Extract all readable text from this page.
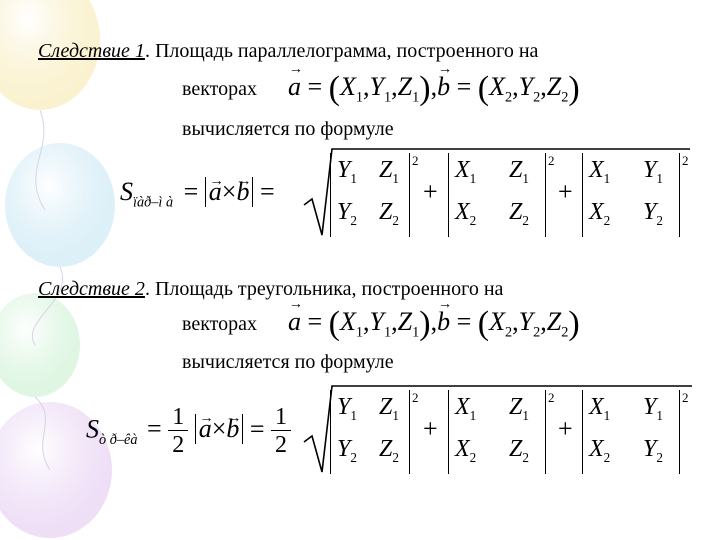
Следствие 1. Площадь параллелограмма, построенного на
векторах
→ $a = (X_1,Y_1,Z_1),\to b = (X_2,Y_2,Z_2)$
вычисляется по формуле
$S_{ïàð-ì à}$ = → a×→ b =
$Y_1$ $Z_1$
$Y_2$ $Z_2$
2
+
$X_1$ $Z_1$
$X_2$ $Z_2$
2
+
$X_1$ $Y_1$
$X_2$ $Y_2$
2
Следствие 2. Площадь треугольника, построенного на
векторах
→ $a = (X_1,Y_1,Z_1),\to b = (X_2,Y_2,Z_2)$
вычисляется по формуле
$S_{ò ð-êà} = \frac{1}{2}$
→ $a\times\to b = \frac{1}{2} Y_1$ $Z_1$
$Y_2$ $Z_2$
2
+
$X_1$ $Z_1$
$X_2$ $Z_2$
2
+
$X_1$ $Y_1$
$X_2$ $Y_2$
2
